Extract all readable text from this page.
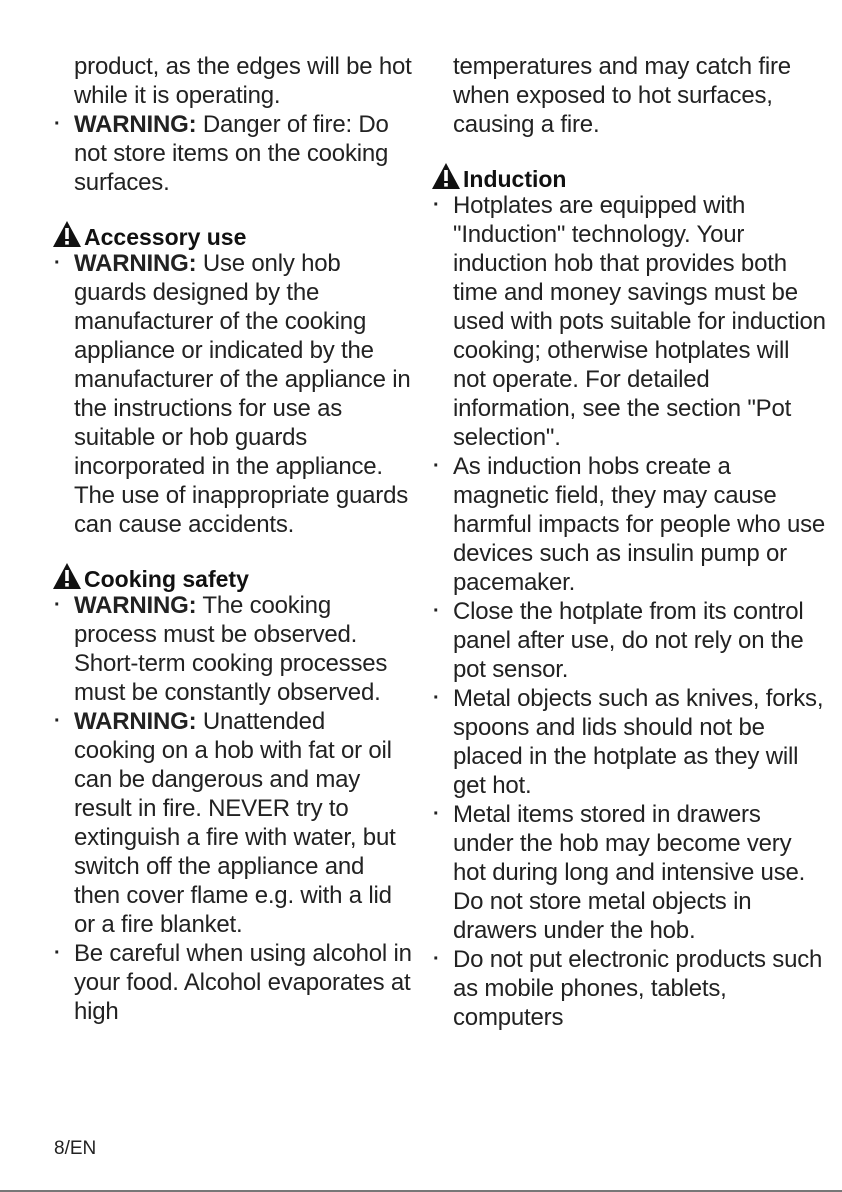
product, as the edges will be hot while it is operating.
· WARNING: Danger of fire: Do not store items on the cooking surfaces.
Accessory use
· WARNING: Use only hob guards designed by the manufacturer of the cooking appliance or indicated by the manufacturer of the appliance in the instructions for use as suitable or hob guards incorporated in the appliance. The use of inappropriate guards can cause accidents.
Cooking safety
· WARNING: The cooking process must be observed. Short-term cooking processes must be constantly observed.
· WARNING: Unattended cooking on a hob with fat or oil can be dangerous and may result in fire. NEVER try to extinguish a fire with water, but switch off the appliance and then cover flame e.g. with a lid or a fire blanket.
· Be careful when using alcohol in your food. Alcohol evaporates at high
temperatures and may catch fire when exposed to hot surfaces, causing a fire.
Induction
· Hotplates are equipped with "Induction" technology. Your induction hob that provides both time and money savings must be used with pots suitable for induction cooking; otherwise hotplates will not operate. For detailed information, see the section "Pot selection".
· As induction hobs create a magnetic field, they may cause harmful impacts for people who use devices such as insulin pump or pacemaker.
· Close the hotplate from its control panel after use, do not rely on the pot sensor.
· Metal objects such as knives, forks, spoons and lids should not be placed in the hotplate as they will get hot.
· Metal items stored in drawers under the hob may become very hot during long and intensive use. Do not store metal objects in drawers under the hob.
· Do not put electronic products such as mobile phones, tablets, computers
8/EN
